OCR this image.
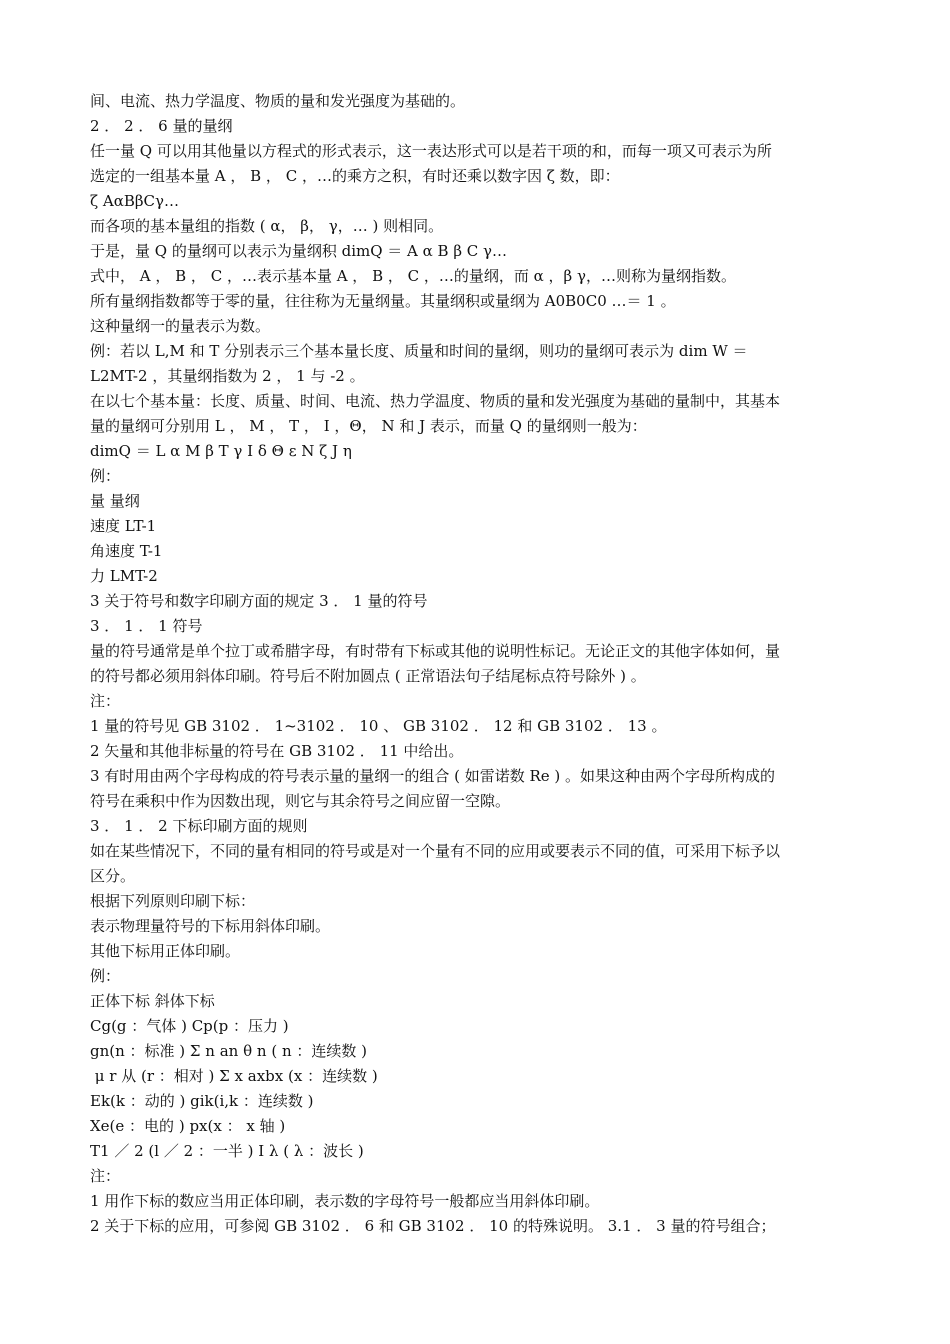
间、电流、热力学温度、物质的量和发光强度为基础的。
2 ． 2 ． 6 量的量纲
任一量 Q 可以用其他量以方程式的形式表示，这一表达形式可以是若干项的和，而每一项又可表示为所
选定的一组基本量 A ， B ， C ，…的乘方之积，有时还乘以数字因 ζ 数，即：
ζ AαBβCγ…
而各项的基本量组的指数 ( α， β， γ，… ) 则相同。
于是，量 Q 的量纲可以表示为量纲积 dimQ ＝ A α B β C γ…
式中， A ， B ， C ，…表示基本量 A ， B ， C ，…的量纲，而 α ，β γ，…则称为量纲指数。
所有量纲指数都等于零的量，往往称为无量纲量。其量纲积或量纲为 A0B0C0 …＝ 1 。
这种量纲一的量表示为数。
例：若以 L,M 和 T 分别表示三个基本量长度、质量和时间的量纲，则功的量纲可表示为 dim W ＝
L2MT-2 ，其量纲指数为 2 ， 1 与 -2 。
在以七个基本量：长度、质量、时间、电流、热力学温度、物质的量和发光强度为基础的量制中，其基本
量的量纲可分别用 L ， M ， T ， I ，Θ， N 和 J 表示，而量 Q 的量纲则一般为：
dimQ ＝ L α M β T γ I δ Θ ε N ζ J η
例：
量 量纲
速度 LT-1
角速度 T-1
力 LMT-2
3 关于符号和数字印刷方面的规定 3 ． 1 量的符号
3 ． 1 ． 1 符号
量的符号通常是单个拉丁或希腊字母，有时带有下标或其他的说明性标记。无论正文的其他字体如何，量
的符号都必须用斜体印刷。符号后不附加圆点 ( 正常语法句子结尾标点符号除外 ) 。
注：
1 量的符号见 GB 3102 ． 1~3102 ． 10 、 GB 3102 ． 12 和 GB 3102 ． 13 。
2 矢量和其他非标量的符号在 GB 3102 ． 11 中给出。
3 有时用由两个字母构成的符号表示量的量纲一的组合 ( 如雷诺数 Re ) 。如果这种由两个字母所构成的
符号在乘积中作为因数出现，则它与其余符号之间应留一空隙。
3 ． 1 ． 2 下标印刷方面的规则
如在某些情况下，不同的量有相同的符号或是对一个量有不同的应用或要表示不同的值，可采用下标予以
区分。
根据下列原则印刷下标：
表示物理量符号的下标用斜体印刷。
其他下标用正体印刷。
例：
正体下标 斜体下标
Cg(g ：气体 ) Cp(p ：压力 )
gn(n ：标准 ) Σ n an θ n ( n ：连续数 )
μ r 从 (r ：相对 ) Σ x axbx (x ：连续数 )
Ek(k ：动的 ) gik(i,k ：连续数 )
Xe(e ：电的 ) px(x ： x 轴 )
T1 ／ 2 (l ／ 2 ：一半 ) I λ ( λ ：波长 )
注：
1 用作下标的数应当用正体印刷，表示数的字母符号一般都应当用斜体印刷。
2 关于下标的应用，可参阅 GB 3102 ． 6 和 GB 3102 ． 10 的特殊说明。 3.1 ． 3 量的符号组合；
